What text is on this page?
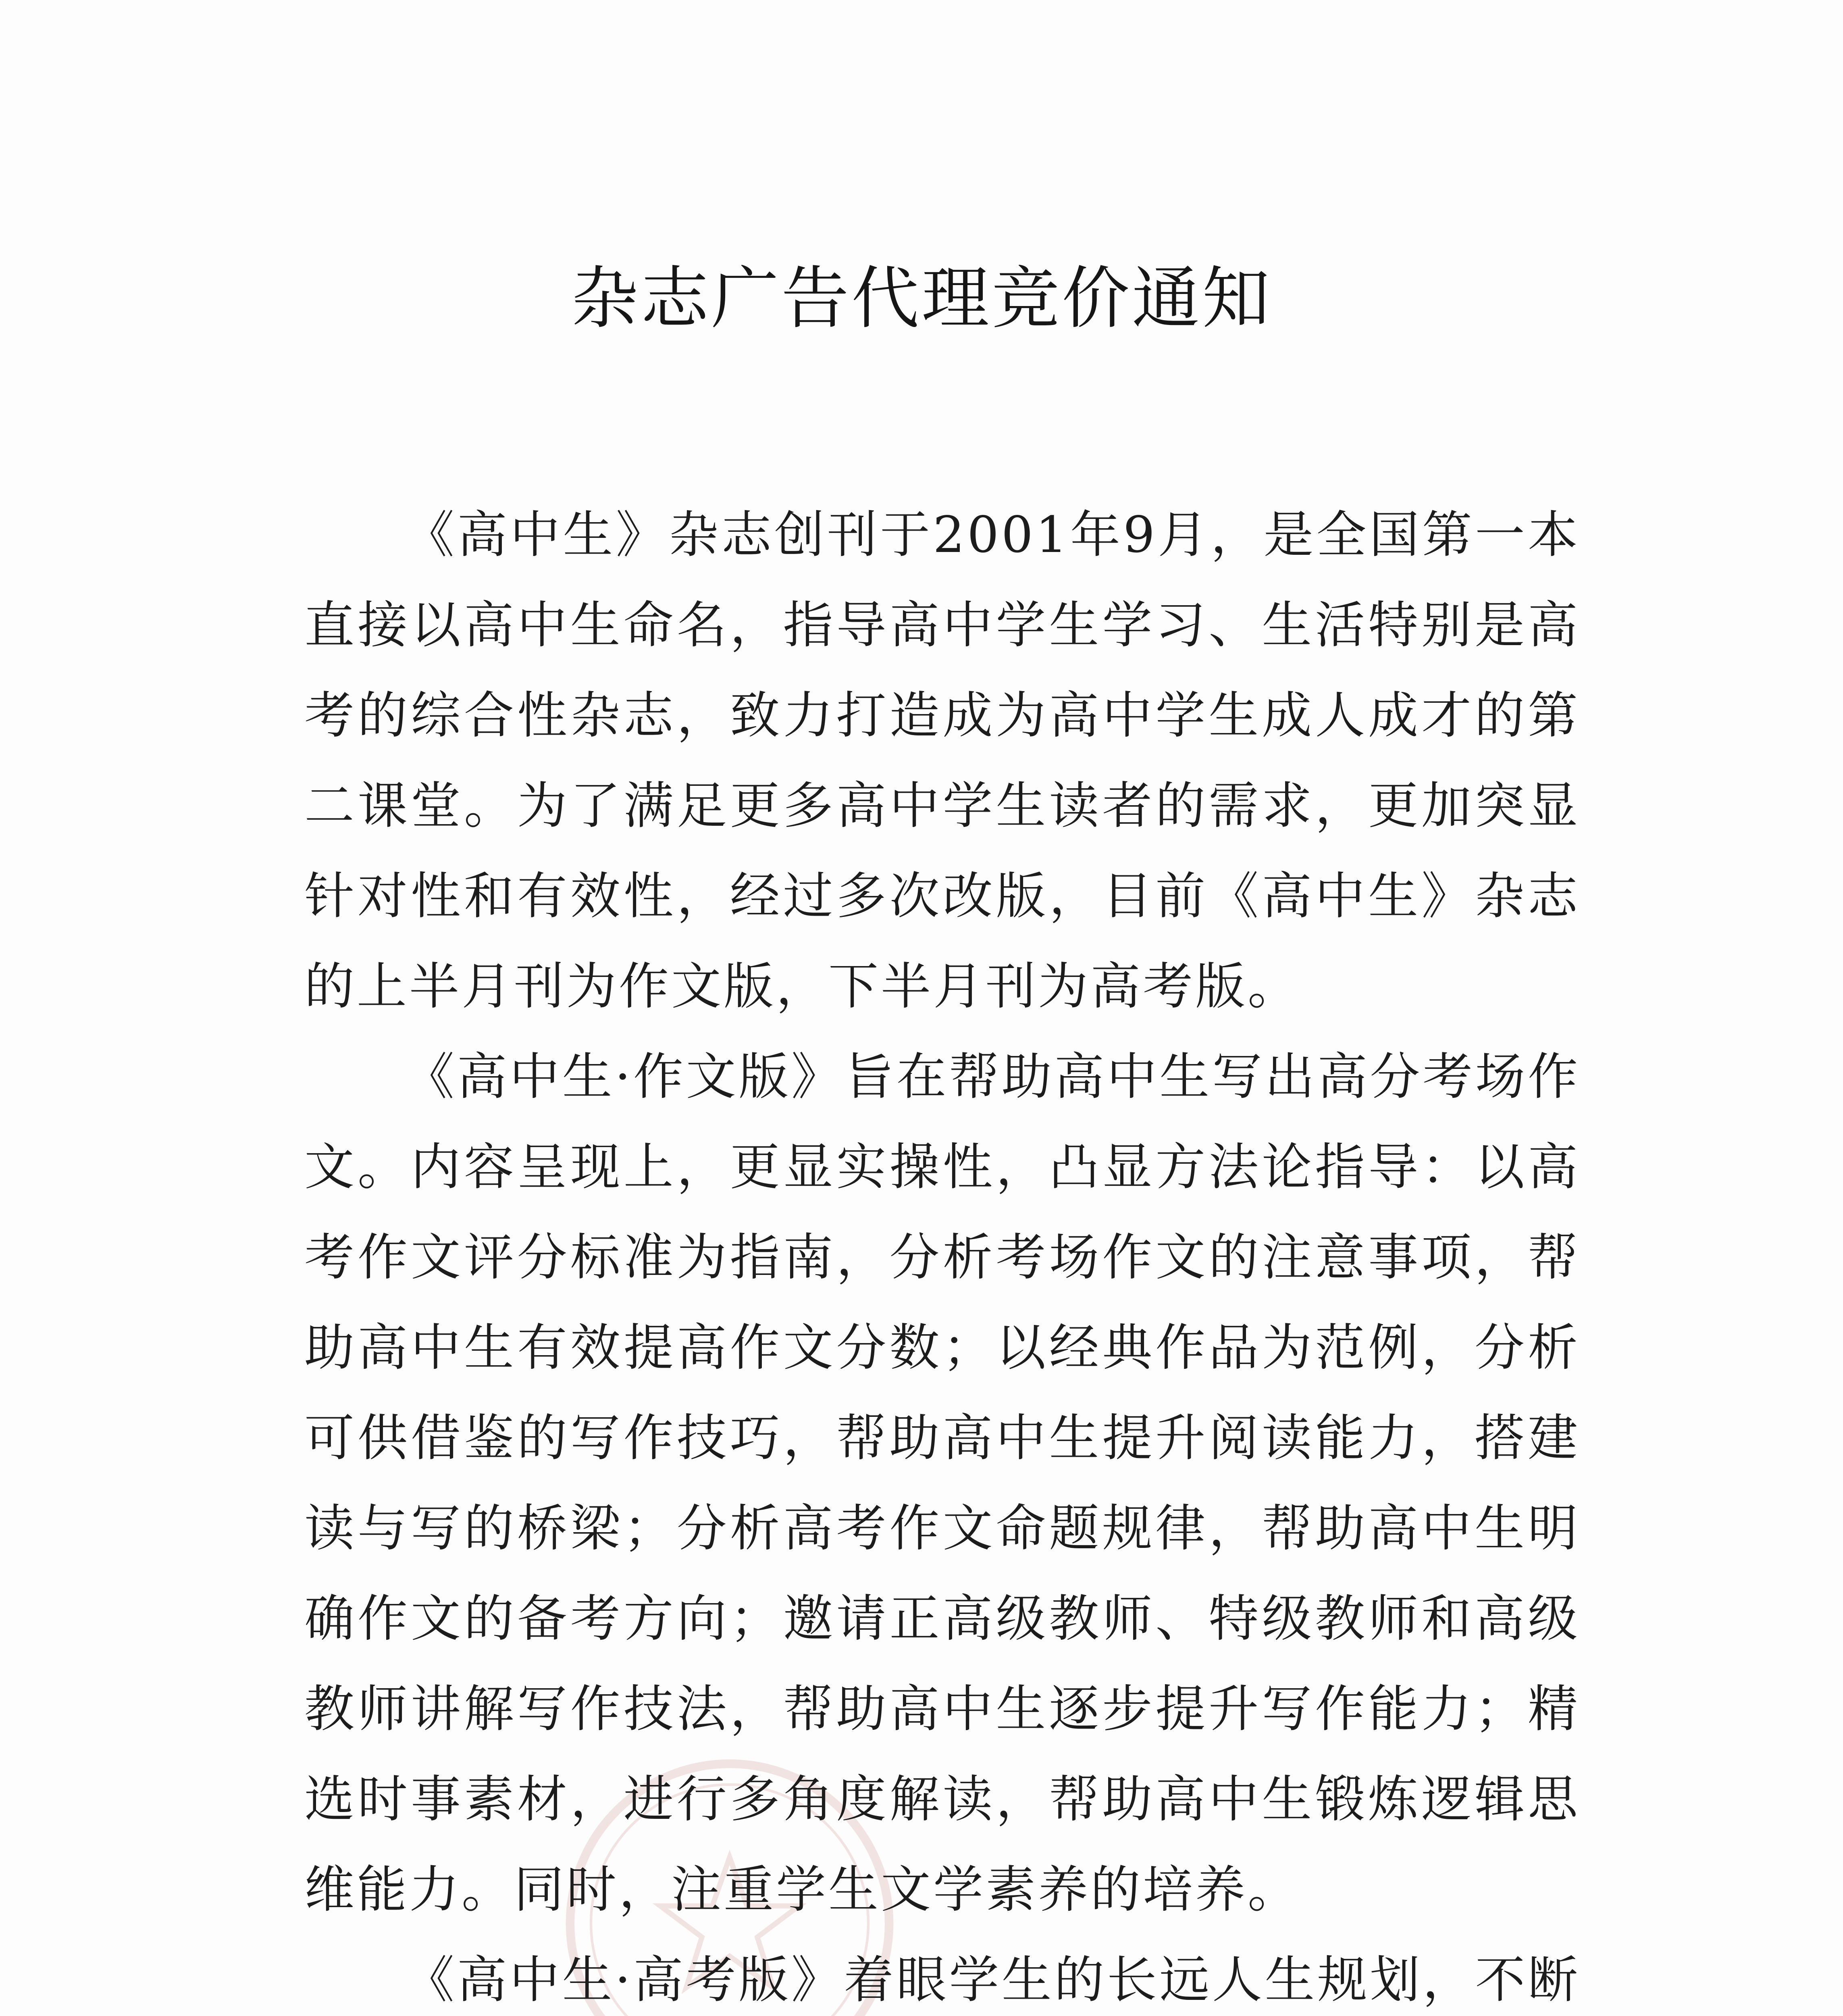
杂志广告代理竞价通知

《高中生》杂志创刊于2001年9月，是全国第一本直接以高中生命名，指导高中学生学习、生活特别是高考的综合性杂志，致力打造成为高中学生成人成才的第二课堂。为了满足更多高中学生读者的需求，更加突显针对性和有效性，经过多次改版，目前《高中生》杂志的上半月刊为作文版，下半月刊为高考版。

《高中生·作文版》旨在帮助高中生写出高分考场作文。内容呈现上，更显实操性，凸显方法论指导：以高考作文评分标准为指南，分析考场作文的注意事项，帮助高中生有效提高作文分数；以经典作品为范例，分析可供借鉴的写作技巧，帮助高中生提升阅读能力，搭建读与写的桥梁；分析高考作文命题规律，帮助高中生明确作文的备考方向；邀请正高级教师、特级教师和高级教师讲解写作技法，帮助高中生逐步提升写作能力；精选时事素材，进行多角度解读，帮助高中生锻炼逻辑思维能力。同时，注重学生文学素养的培养。

《高中生·高考版》着眼学生的长远人生规划，不断
